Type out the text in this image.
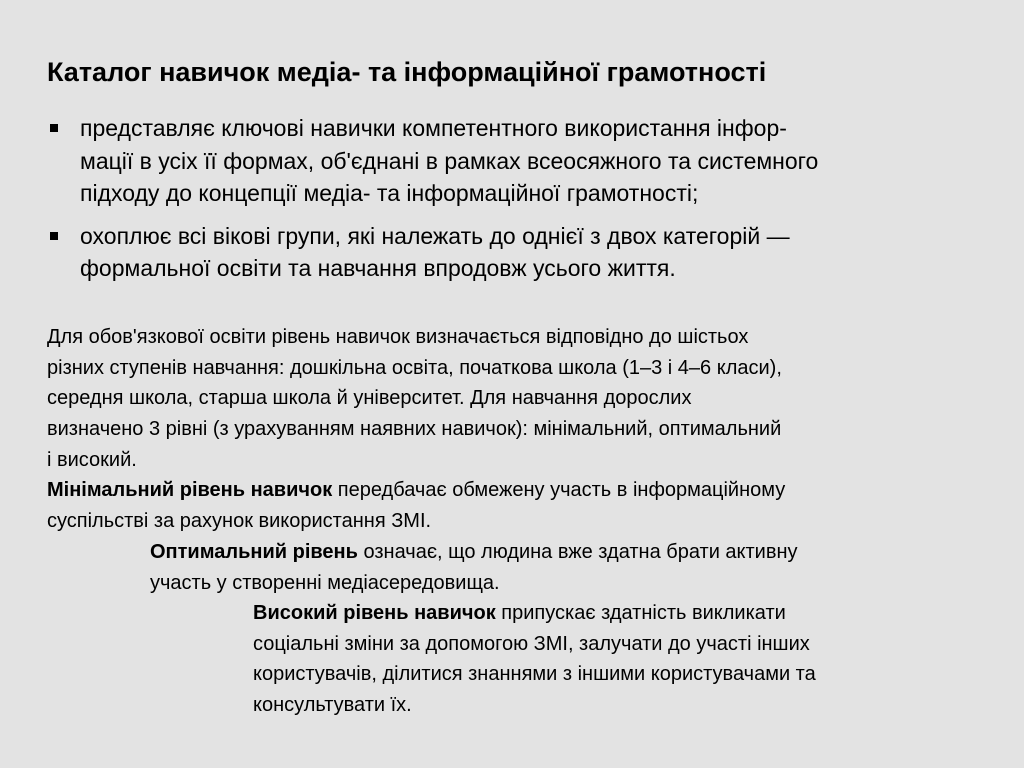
Каталог навичок медіа- та інформаційної грамотності
представляє ключові навички компетентного використання інфор-
мації в усіх її формах, об'єднані в рамках всеосяжного та системного
підходу до концепції медіа- та інформаційної грамотності;
охоплює всі вікові групи, які належать до однієї з двох категорій —
формальної освіти та навчання впродовж усього життя.

Для обов'язкової освіти рівень навичок визначається відповідно до шістьох
різних ступенів навчання: дошкільна освіта, початкова школа (1–3 і 4–6 класи),
середня школа, старша школа й університет. Для навчання дорослих
визначено 3 рівні (з урахуванням наявних навичок): мінімальний, оптимальний
і високий.

Мінімальний рівень навичок передбачає обмежену участь в інформаційному
суспільстві за рахунок використання ЗМІ.

Оптимальний рівень означає, що людина вже здатна брати активну
участь у створенні медіасередовища.

Високий рівень навичок припускає здатність викликати
соціальні зміни за допомогою ЗМІ, залучати до участі інших
користувачів, ділитися знаннями з іншими користувачами та
консультувати їх.
